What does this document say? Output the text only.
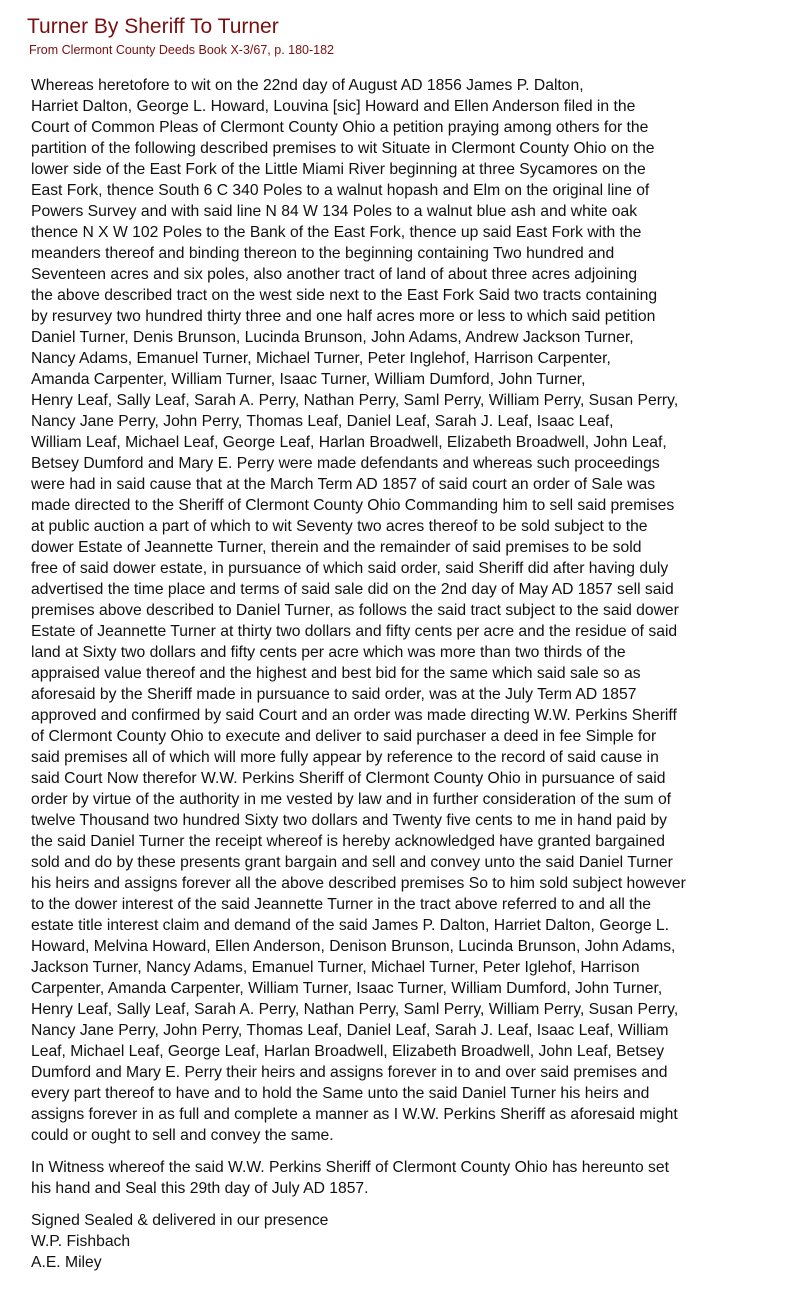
Turner By Sheriff To Turner
From Clermont County Deeds Book X-3/67, p. 180-182

Whereas heretofore to wit on the 22nd day of August AD 1856 James P. Dalton,
Harriet Dalton, George L. Howard, Louvina [sic] Howard and Ellen Anderson filed in the
Court of Common Pleas of Clermont County Ohio a petition praying among others for the
partition of the following described premises to wit Situate in Clermont County Ohio on the
lower side of the East Fork of the Little Miami River beginning at three Sycamores on the
East Fork, thence South 6 C 340 Poles to a walnut hopash and Elm on the original line of
Powers Survey and with said line N 84 W 134 Poles to a walnut blue ash and white oak
thence N X W 102 Poles to the Bank of the East Fork, thence up said East Fork with the
meanders thereof and binding thereon to the beginning containing Two hundred and
Seventeen acres and six poles, also another tract of land of about three acres adjoining
the above described tract on the west side next to the East Fork Said two tracts containing
by resurvey two hundred thirty three and one half acres more or less to which said petition
Daniel Turner, Denis Brunson, Lucinda Brunson, John Adams, Andrew Jackson Turner,
Nancy Adams, Emanuel Turner, Michael Turner, Peter Inglehof, Harrison Carpenter,
Amanda Carpenter, William Turner, Isaac Turner, William Dumford, John Turner,
Henry Leaf, Sally Leaf, Sarah A. Perry, Nathan Perry, Saml Perry, William Perry, Susan Perry,
Nancy Jane Perry, John Perry, Thomas Leaf, Daniel Leaf, Sarah J. Leaf, Isaac Leaf,
William Leaf, Michael Leaf, George Leaf, Harlan Broadwell, Elizabeth Broadwell, John Leaf,
Betsey Dumford and Mary E. Perry were made defendants and whereas such proceedings
were had in said cause that at the March Term AD 1857 of said court an order of Sale was
made directed to the Sheriff of Clermont County Ohio Commanding him to sell said premises
at public auction a part of which to wit Seventy two acres thereof to be sold subject to the
dower Estate of Jeannette Turner, therein and the remainder of said premises to be sold
free of said dower estate, in pursuance of which said order, said Sheriff did after having duly
advertised the time place and terms of said sale did on the 2nd day of May AD 1857 sell said
premises above described to Daniel Turner, as follows the said tract subject to the said dower
Estate of Jeannette Turner at thirty two dollars and fifty cents per acre and the residue of said
land at Sixty two dollars and fifty cents per acre which was more than two thirds of the
appraised value thereof and the highest and best bid for the same which said sale so as
aforesaid by the Sheriff made in pursuance to said order, was at the July Term AD 1857
approved and confirmed by said Court and an order was made directing W.W. Perkins Sheriff
of Clermont County Ohio to execute and deliver to said purchaser a deed in fee Simple for
said premises all of which will more fully appear by reference to the record of said cause in
said Court Now therefor W.W. Perkins Sheriff of Clermont County Ohio in pursuance of said
order by virtue of the authority in me vested by law and in further consideration of the sum of
twelve Thousand two hundred Sixty two dollars and Twenty five cents to me in hand paid by
the said Daniel Turner the receipt whereof is hereby acknowledged have granted bargained
sold and do by these presents grant bargain and sell and convey unto the said Daniel Turner
his heirs and assigns forever all the above described premises So to him sold subject however
to the dower interest of the said Jeannette Turner in the tract above referred to and all the
estate title interest claim and demand of the said James P. Dalton, Harriet Dalton, George L.
Howard, Melvina Howard, Ellen Anderson, Denison Brunson, Lucinda Brunson, John Adams,
Jackson Turner, Nancy Adams, Emanuel Turner, Michael Turner, Peter Iglehof, Harrison
Carpenter, Amanda Carpenter, William Turner, Isaac Turner, William Dumford, John Turner,
Henry Leaf, Sally Leaf, Sarah A. Perry, Nathan Perry, Saml Perry, William Perry, Susan Perry,
Nancy Jane Perry, John Perry, Thomas Leaf, Daniel Leaf, Sarah J. Leaf, Isaac Leaf, William
Leaf, Michael Leaf, George Leaf, Harlan Broadwell, Elizabeth Broadwell, John Leaf, Betsey
Dumford and Mary E. Perry their heirs and assigns forever in to and over said premises and
every part thereof to have and to hold the Same unto the said Daniel Turner his heirs and
assigns forever in as full and complete a manner as I W.W. Perkins Sheriff as aforesaid might
could or ought to sell and convey the same.

In Witness whereof the said W.W. Perkins Sheriff of Clermont County Ohio has hereunto set
his hand and Seal this 29th day of July AD 1857.

Signed Sealed & delivered in our presence
W.P. Fishbach
A.E. Miley
